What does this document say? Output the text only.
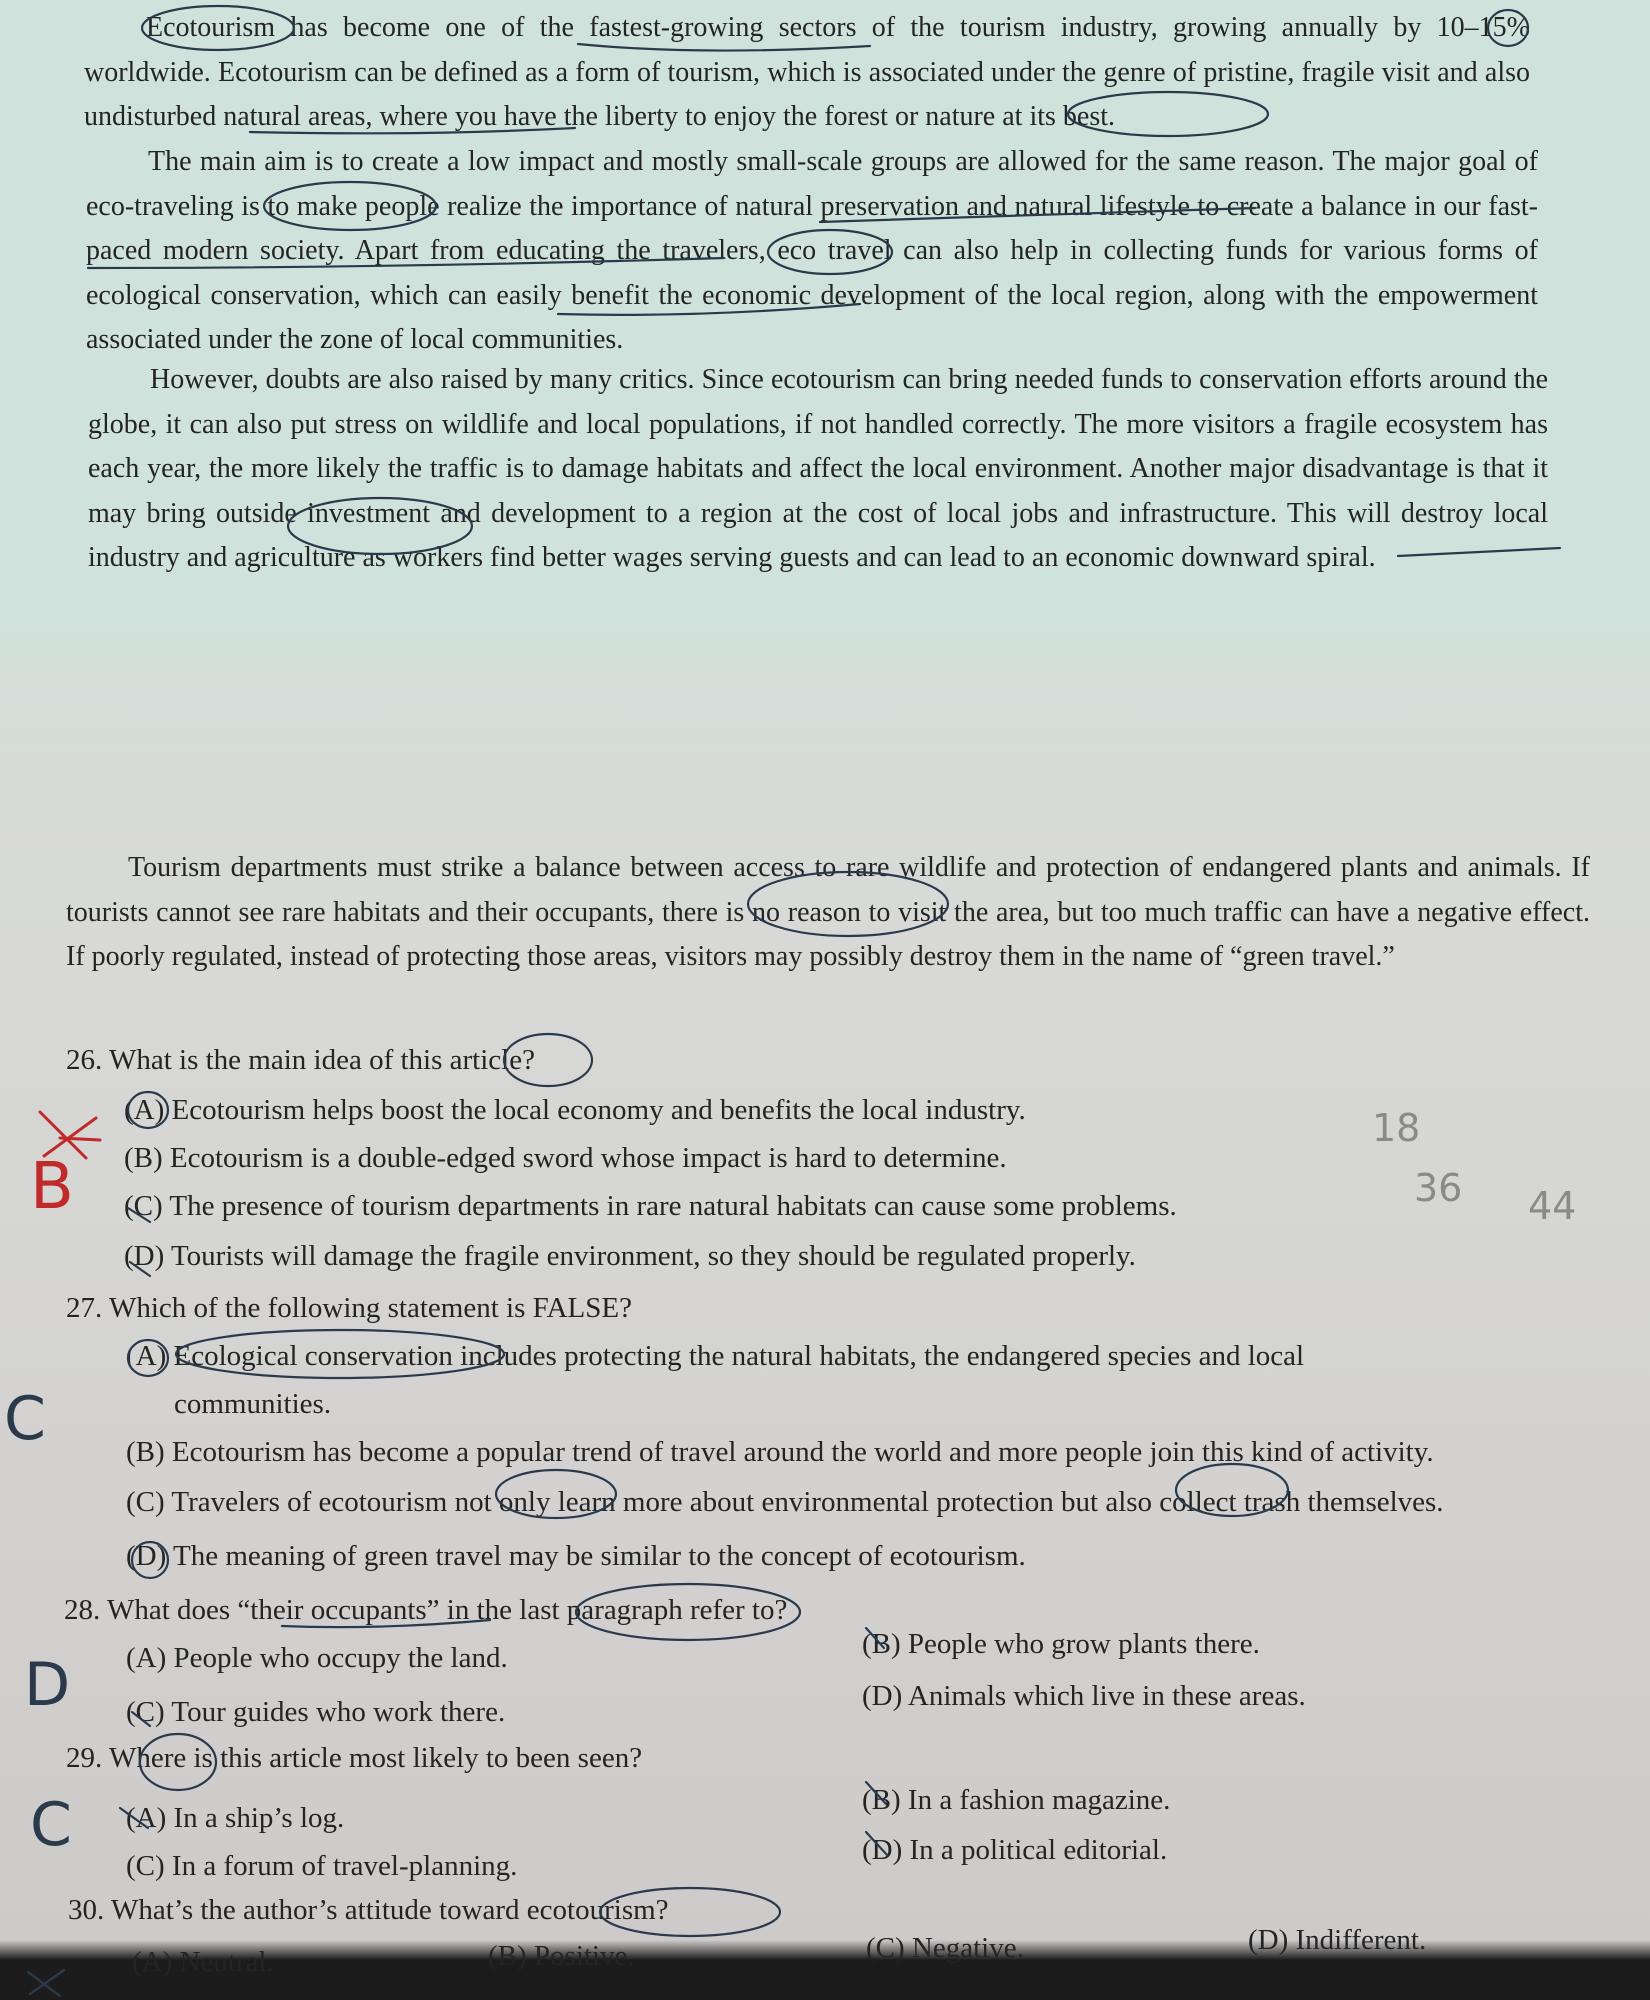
Ecotourism has become one of the fastest-growing sectors of the tourism industry, growing annually by 10–15% worldwide. Ecotourism can be defined as a form of tourism, which is associated under the genre of pristine, fragile visit and also undisturbed natural areas, where you have the liberty to enjoy the forest or nature at its best.

The main aim is to create a low impact and mostly small-scale groups are allowed for the same reason. The major goal of eco-traveling is to make people realize the importance of natural preservation and natural lifestyle to create a balance in our fast-paced modern society. Apart from educating the travelers, eco travel can also help in collecting funds for various forms of ecological conservation, which can easily benefit the economic development of the local region, along with the empowerment associated under the zone of local communities.

However, doubts are also raised by many critics. Since ecotourism can bring needed funds to conservation efforts around the globe, it can also put stress on wildlife and local populations, if not handled correctly. The more visitors a fragile ecosystem has each year, the more likely the traffic is to damage habitats and affect the local environment. Another major disadvantage is that it may bring outside investment and development to a region at the cost of local jobs and infrastructure. This will destroy local industry and agriculture as workers find better wages serving guests and can lead to an economic downward spiral.

Tourism departments must strike a balance between access to rare wildlife and protection of endangered plants and animals. If tourists cannot see rare habitats and their occupants, there is no reason to visit the area, but too much traffic can have a negative effect. If poorly regulated, instead of protecting those areas, visitors may possibly destroy them in the name of “green travel.”

26. What is the main idea of this article?
(A) Ecotourism helps boost the local economy and benefits the local industry.
(B) Ecotourism is a double-edged sword whose impact is hard to determine.
(C) The presence of tourism departments in rare natural habitats can cause some problems.
(D) Tourists will damage the fragile environment, so they should be regulated properly.
27. Which of the following statement is FALSE?
(A) Ecological conservation includes protecting the natural habitats, the endangered species and local
communities.
(B) Ecotourism has become a popular trend of travel around the world and more people join this kind of activity.
(C) Travelers of ecotourism not only learn more about environmental protection but also collect trash themselves.
(D) The meaning of green travel may be similar to the concept of ecotourism.
28. What does “their occupants” in the last paragraph refer to?
(A) People who occupy the land.	(B) People who grow plants there.
(C) Tour guides who work there.	(D) Animals which live in these areas.
29. Where is this article most likely to been seen?
(A) In a ship’s log.
(B) In a fashion magazine.
(C) In a forum of travel-planning.	(D) In a political editorial.
30. What’s the author’s attitude toward ecotourism?
(A) Neutral.	(B) Positive.	(C) Negative.	(D) Indifferent.
B
C
D
C
18
36 44
